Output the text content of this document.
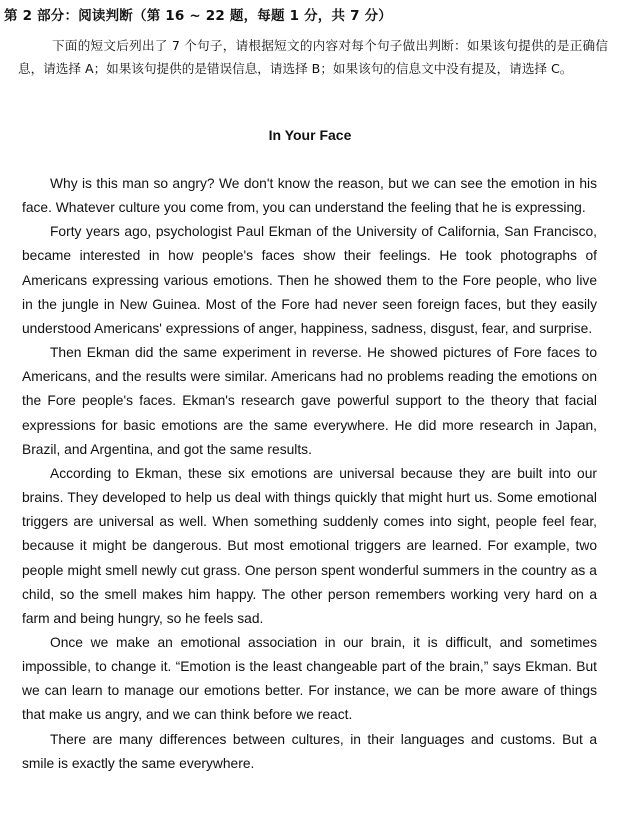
第 2 部分：阅读判断（第 16 ~ 22 题，每题 1 分，共 7 分）

下面的短文后列出了 7 个句子，请根据短文的内容对每个句子做出判断：如果该句提供的是正确信息，请选择 A；如果该句提供的是错误信息，请选择 B；如果该句的信息文中没有提及，请选择 C。

In Your Face

Why is this man so angry? We don't know the reason, but we can see the emotion in his face. Whatever culture you come from, you can understand the feeling that he is expressing.

Forty years ago, psychologist Paul Ekman of the University of California, San Francisco, became interested in how people's faces show their feelings. He took photographs of Americans expressing various emotions. Then he showed them to the Fore people, who live in the jungle in New Guinea. Most of the Fore had never seen foreign faces, but they easily understood Americans' expressions of anger, happiness, sadness, disgust, fear, and surprise.

Then Ekman did the same experiment in reverse. He showed pictures of Fore faces to Americans, and the results were similar. Americans had no problems reading the emotions on the Fore people's faces. Ekman's research gave powerful support to the theory that facial expressions for basic emotions are the same everywhere. He did more research in Japan, Brazil, and Argentina, and got the same results.

According to Ekman, these six emotions are universal because they are built into our brains. They developed to help us deal with things quickly that might hurt us. Some emotional triggers are universal as well. When something suddenly comes into sight, people feel fear, because it might be dangerous. But most emotional triggers are learned. For example, two people might smell newly cut grass. One person spent wonderful summers in the country as a child, so the smell makes him happy. The other person remembers working very hard on a farm and being hungry, so he feels sad.

Once we make an emotional association in our brain, it is difficult, and sometimes impossible, to change it. “Emotion is the least changeable part of the brain,” says Ekman. But we can learn to manage our emotions better. For instance, we can be more aware of things that make us angry, and we can think before we react.

There are many differences between cultures, in their languages and customs. But a smile is exactly the same everywhere.
